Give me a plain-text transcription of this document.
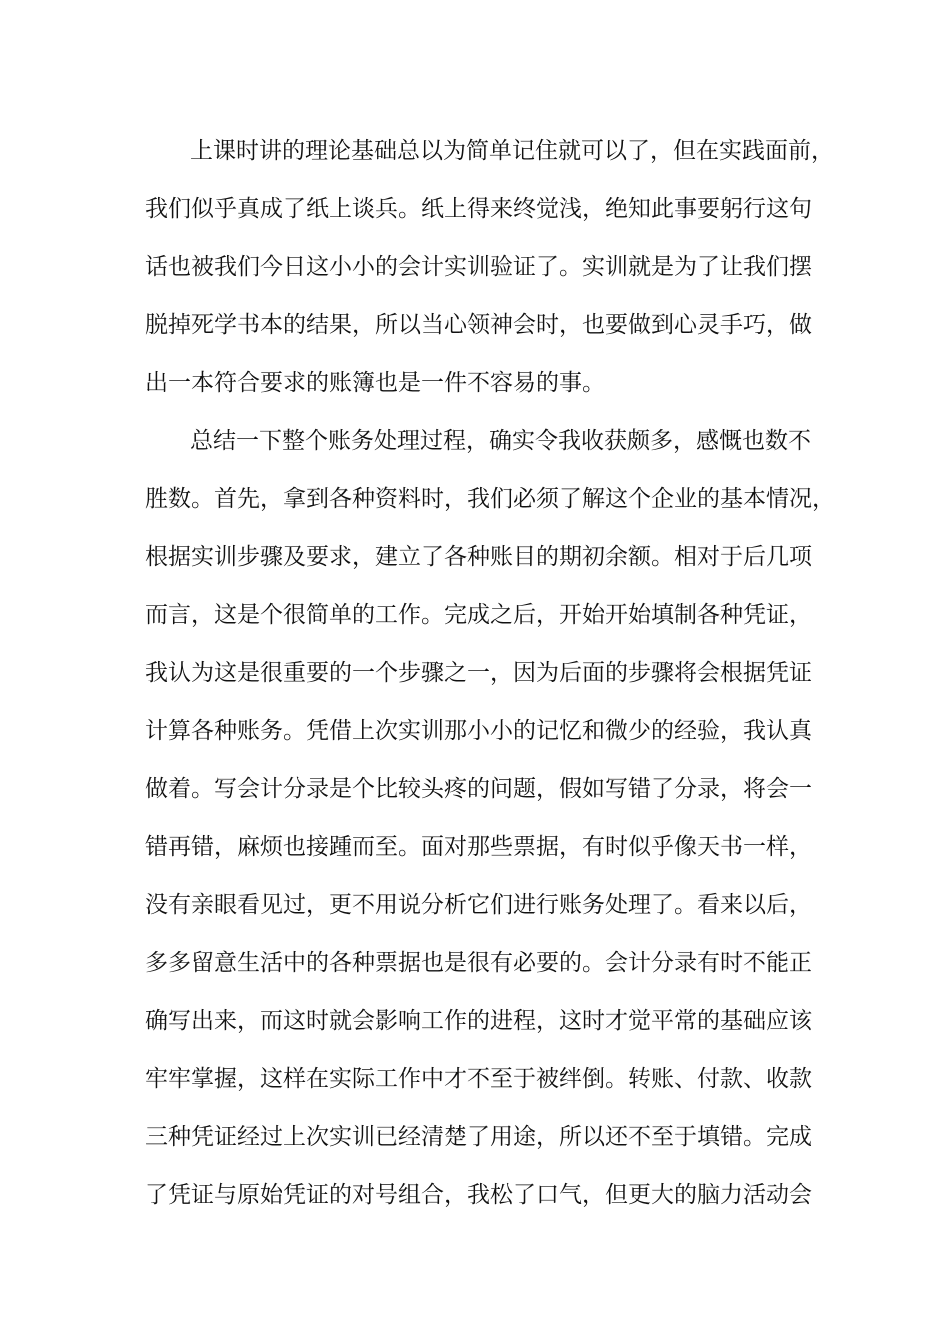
上课时讲的理论基础总以为简单记住就可以了，但在实践面前，

我们似乎真成了纸上谈兵。纸上得来终觉浅，绝知此事要躬行这句

话也被我们今日这小小的会计实训验证了。实训就是为了让我们摆

脱掉死学书本的结果，所以当心领神会时，也要做到心灵手巧，做

出一本符合要求的账簿也是一件不容易的事。

总结一下整个账务处理过程，确实令我收获颇多，感慨也数不

胜数。首先，拿到各种资料时，我们必须了解这个企业的基本情况，

根据实训步骤及要求，建立了各种账目的期初余额。相对于后几项

而言，这是个很简单的工作。完成之后，开始开始填制各种凭证，

我认为这是很重要的一个步骤之一，因为后面的步骤将会根据凭证

计算各种账务。凭借上次实训那小小的记忆和微少的经验，我认真

做着。写会计分录是个比较头疼的问题，假如写错了分录，将会一

错再错，麻烦也接踵而至。面对那些票据，有时似乎像天书一样，

没有亲眼看见过，更不用说分析它们进行账务处理了。看来以后，

多多留意生活中的各种票据也是很有必要的。会计分录有时不能正

确写出来，而这时就会影响工作的进程，这时才觉平常的基础应该

牢牢掌握，这样在实际工作中才不至于被绊倒。转账、付款、收款

三种凭证经过上次实训已经清楚了用途，所以还不至于填错。完成

了凭证与原始凭证的对号组合，我松了口气，但更大的脑力活动会
